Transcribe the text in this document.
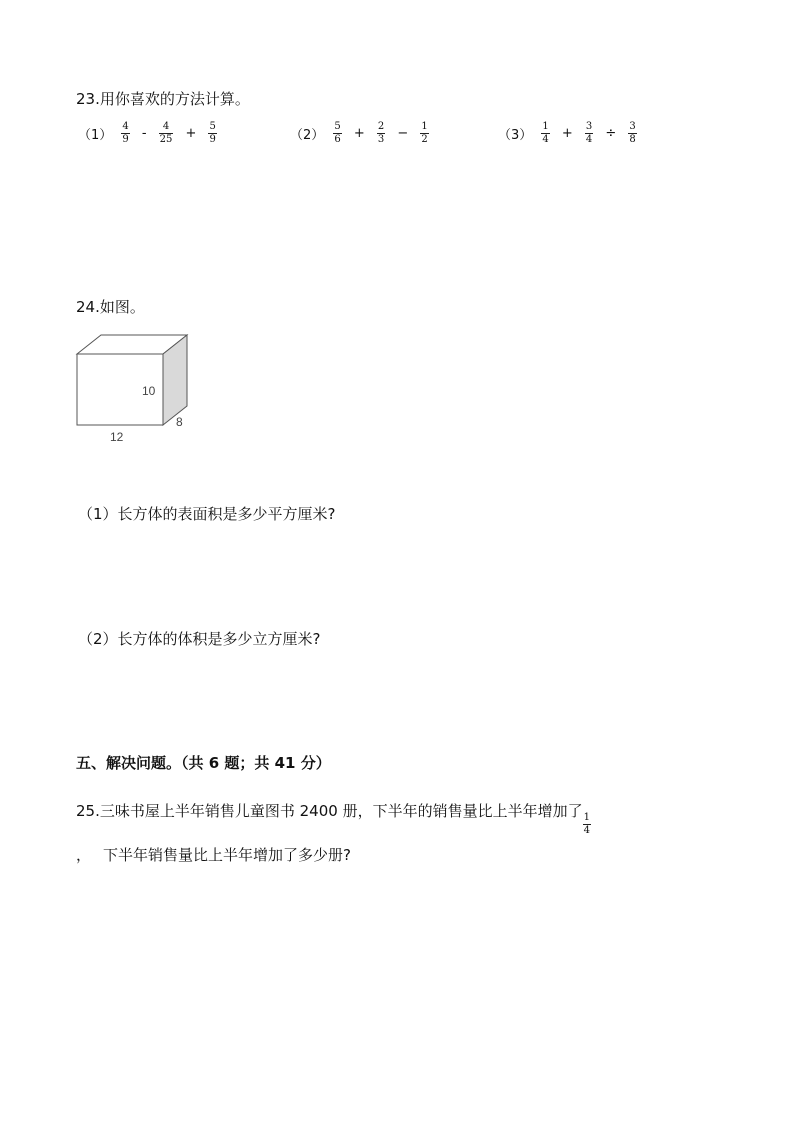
23.用你喜欢的方法计算。
$(1) \frac{4}{9} - \frac{4}{25} + \frac{5}{9}$	$(2) \frac{5}{6} + \frac{2}{3} - \frac{1}{2}$	$(3) \frac{1}{4} + \frac{3}{4} \div \frac{3}{8}$
24.如图。
10
8
12
（1）长方体的表面积是多少平方厘米?
（2）长方体的体积是多少立方厘米?
五、解决问题。（共 6 题；共 41 分）
25.三味书屋上半年销售儿童图书 2400 册，下半年的销售量比上半年增加了
$\frac{1}{4}$
， 下半年销售量比上半年增加了多少册?
